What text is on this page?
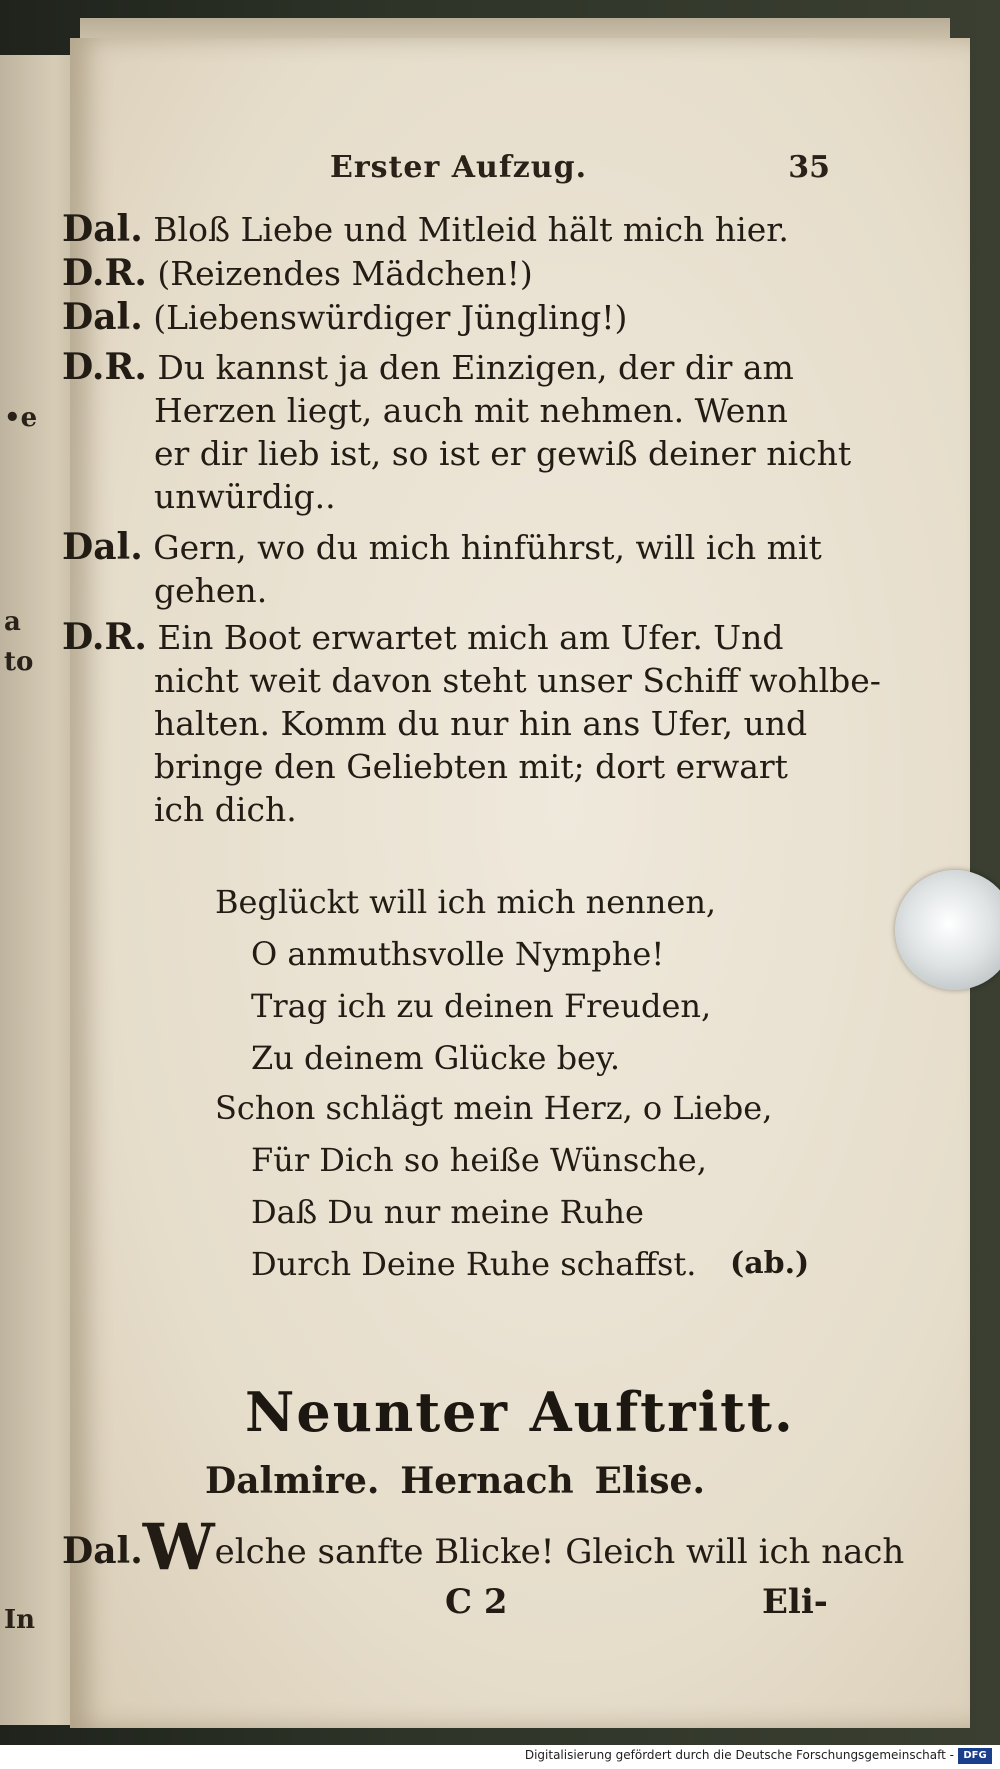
•e
a
to
In
Erster Aufzug.	35
Dal. Bloß Liebe und Mitleid hält mich hier.
D.R. (Reizendes Mädchen!)
Dal. (Liebenswürdiger Jüngling!)
D.R. Du kannst ja den Einzigen, der dir am
Herzen liegt, auch mit nehmen. Wenn
er dir lieb ist, so ist er gewiß deiner nicht
unwürdig..
Dal. Gern, wo du mich hinführst, will ich mit
gehen.
D.R. Ein Boot erwartet mich am Ufer. Und
nicht weit davon steht unser Schiff wohlbe-
halten. Komm du nur hin ans Ufer, und
bringe den Geliebten mit; dort erwart
ich dich.
Beglückt will ich mich nennen,
O anmuthsvolle Nymphe!
Trag ich zu deinen Freuden,
Zu deinem Glücke bey.
Schon schlägt mein Herz, o Liebe,
Für Dich so heiße Wünsche,
Daß Du nur meine Ruhe
Durch Deine Ruhe schaffst.	(ab.)
Neunter Auftritt.
Dalmire. Hernach Elise.
Dal.Welche sanfte Blicke! Gleich will ich nach
C 2	Eli-
Digitalisierung gefördert durch die Deutsche Forschungsgemeinschaft - DFG
